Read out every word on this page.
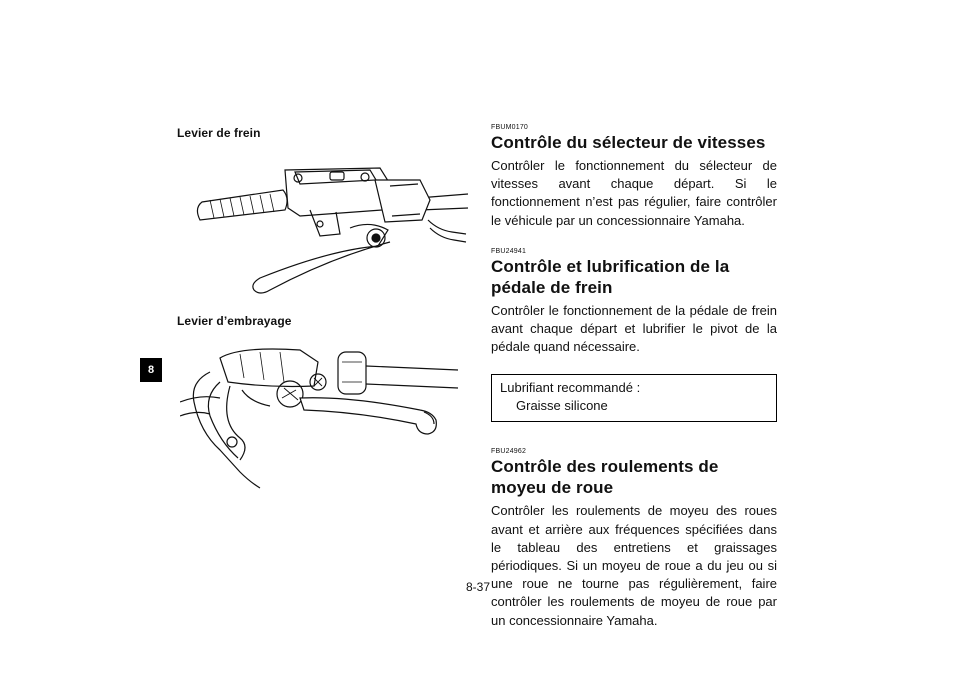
8
Levier de frein
Levier d’embrayage

FBUM0170

Contrôle du sélecteur de vitesses

Contrôler le fonctionnement du sélecteur de vitesses avant chaque départ. Si le fonctionnement n’est pas régulier, faire contrôler le véhicule par un concessionnaire Yamaha.

FBU24941

Contrôle et lubrification de la pédale de frein

Contrôler le fonctionnement de la pédale de frein avant chaque départ et lubrifier le pivot de la pédale quand nécessaire.

Lubrifiant recommandé :
Graisse silicone

FBU24962

Contrôle des roulements de moyeu de roue

Contrôler les roulements de moyeu des roues avant et arrière aux fréquences spécifiées dans le tableau des entretiens et graissages périodiques. Si un moyeu de roue a du jeu ou si une roue ne tourne pas régulièrement, faire contrôler les roulements de moyeu de roue par un concessionnaire Yamaha.

8-37
